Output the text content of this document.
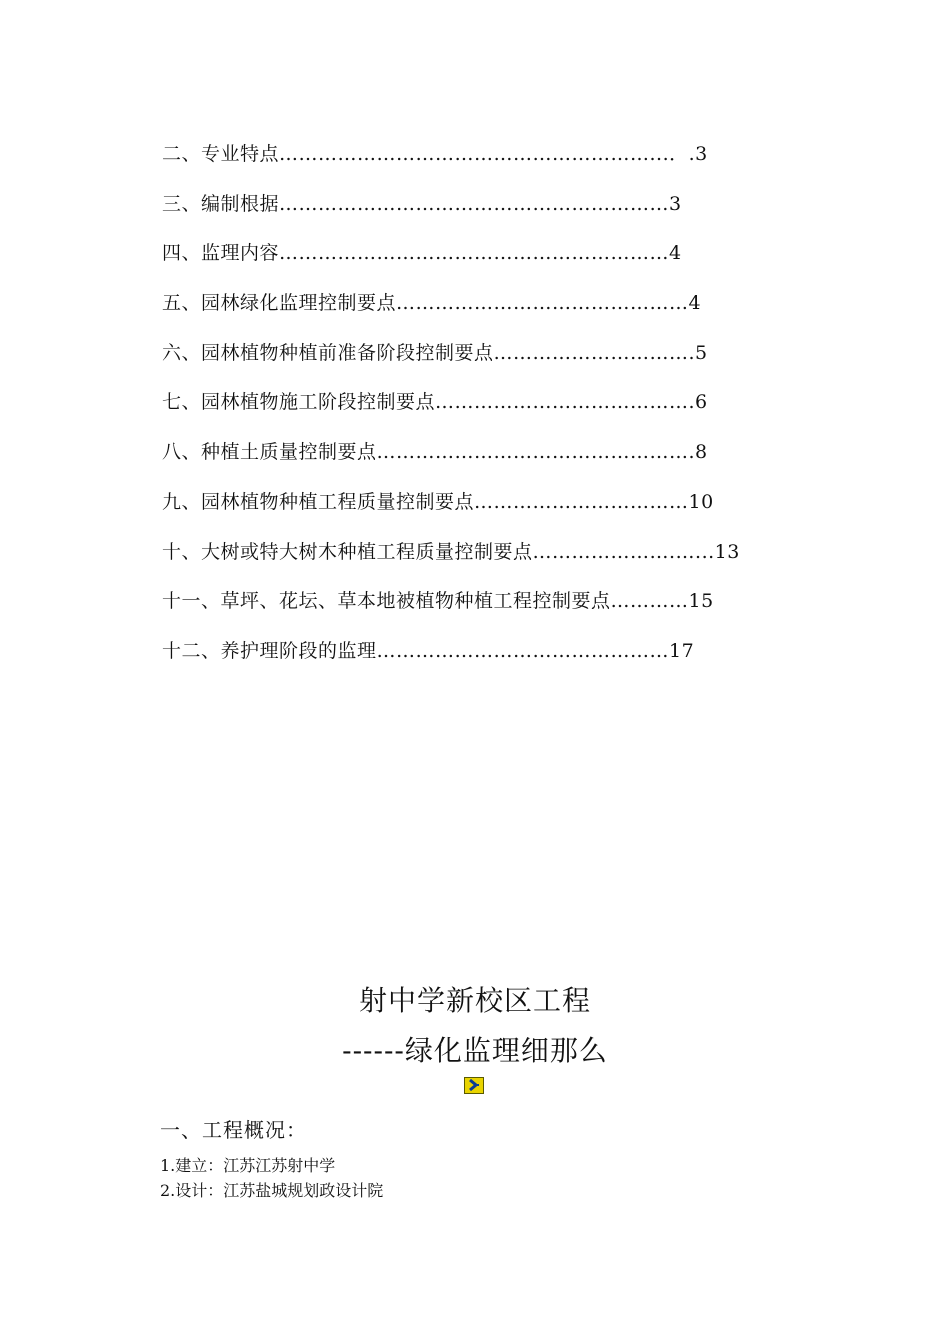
二、专业特点…………………………………………………...．.3
三、编制根据……………………………………………………3
四、监理内容……………………………………………………4
五、园林绿化监理控制要点………………………………………4
六、园林植物种植前准备阶段控制要点………………………….5
七、园林植物施工阶段控制要点………………………………….6
八、种植土质量控制要点………………………………………….8
九、园林植物种植工程质量控制要点……………………………10
十、大树或特大树木种植工程质量控制要点………………….…...13
十一、草坪、花坛、草本地被植物种植工程控制要点…………15
十二、养护理阶段的监理………………………………………17
射中学新校区工程
------绿化监理细那么
一、工程概况：
1.建立：江苏江苏射中学
2.设计：江苏盐城规划政设计院
